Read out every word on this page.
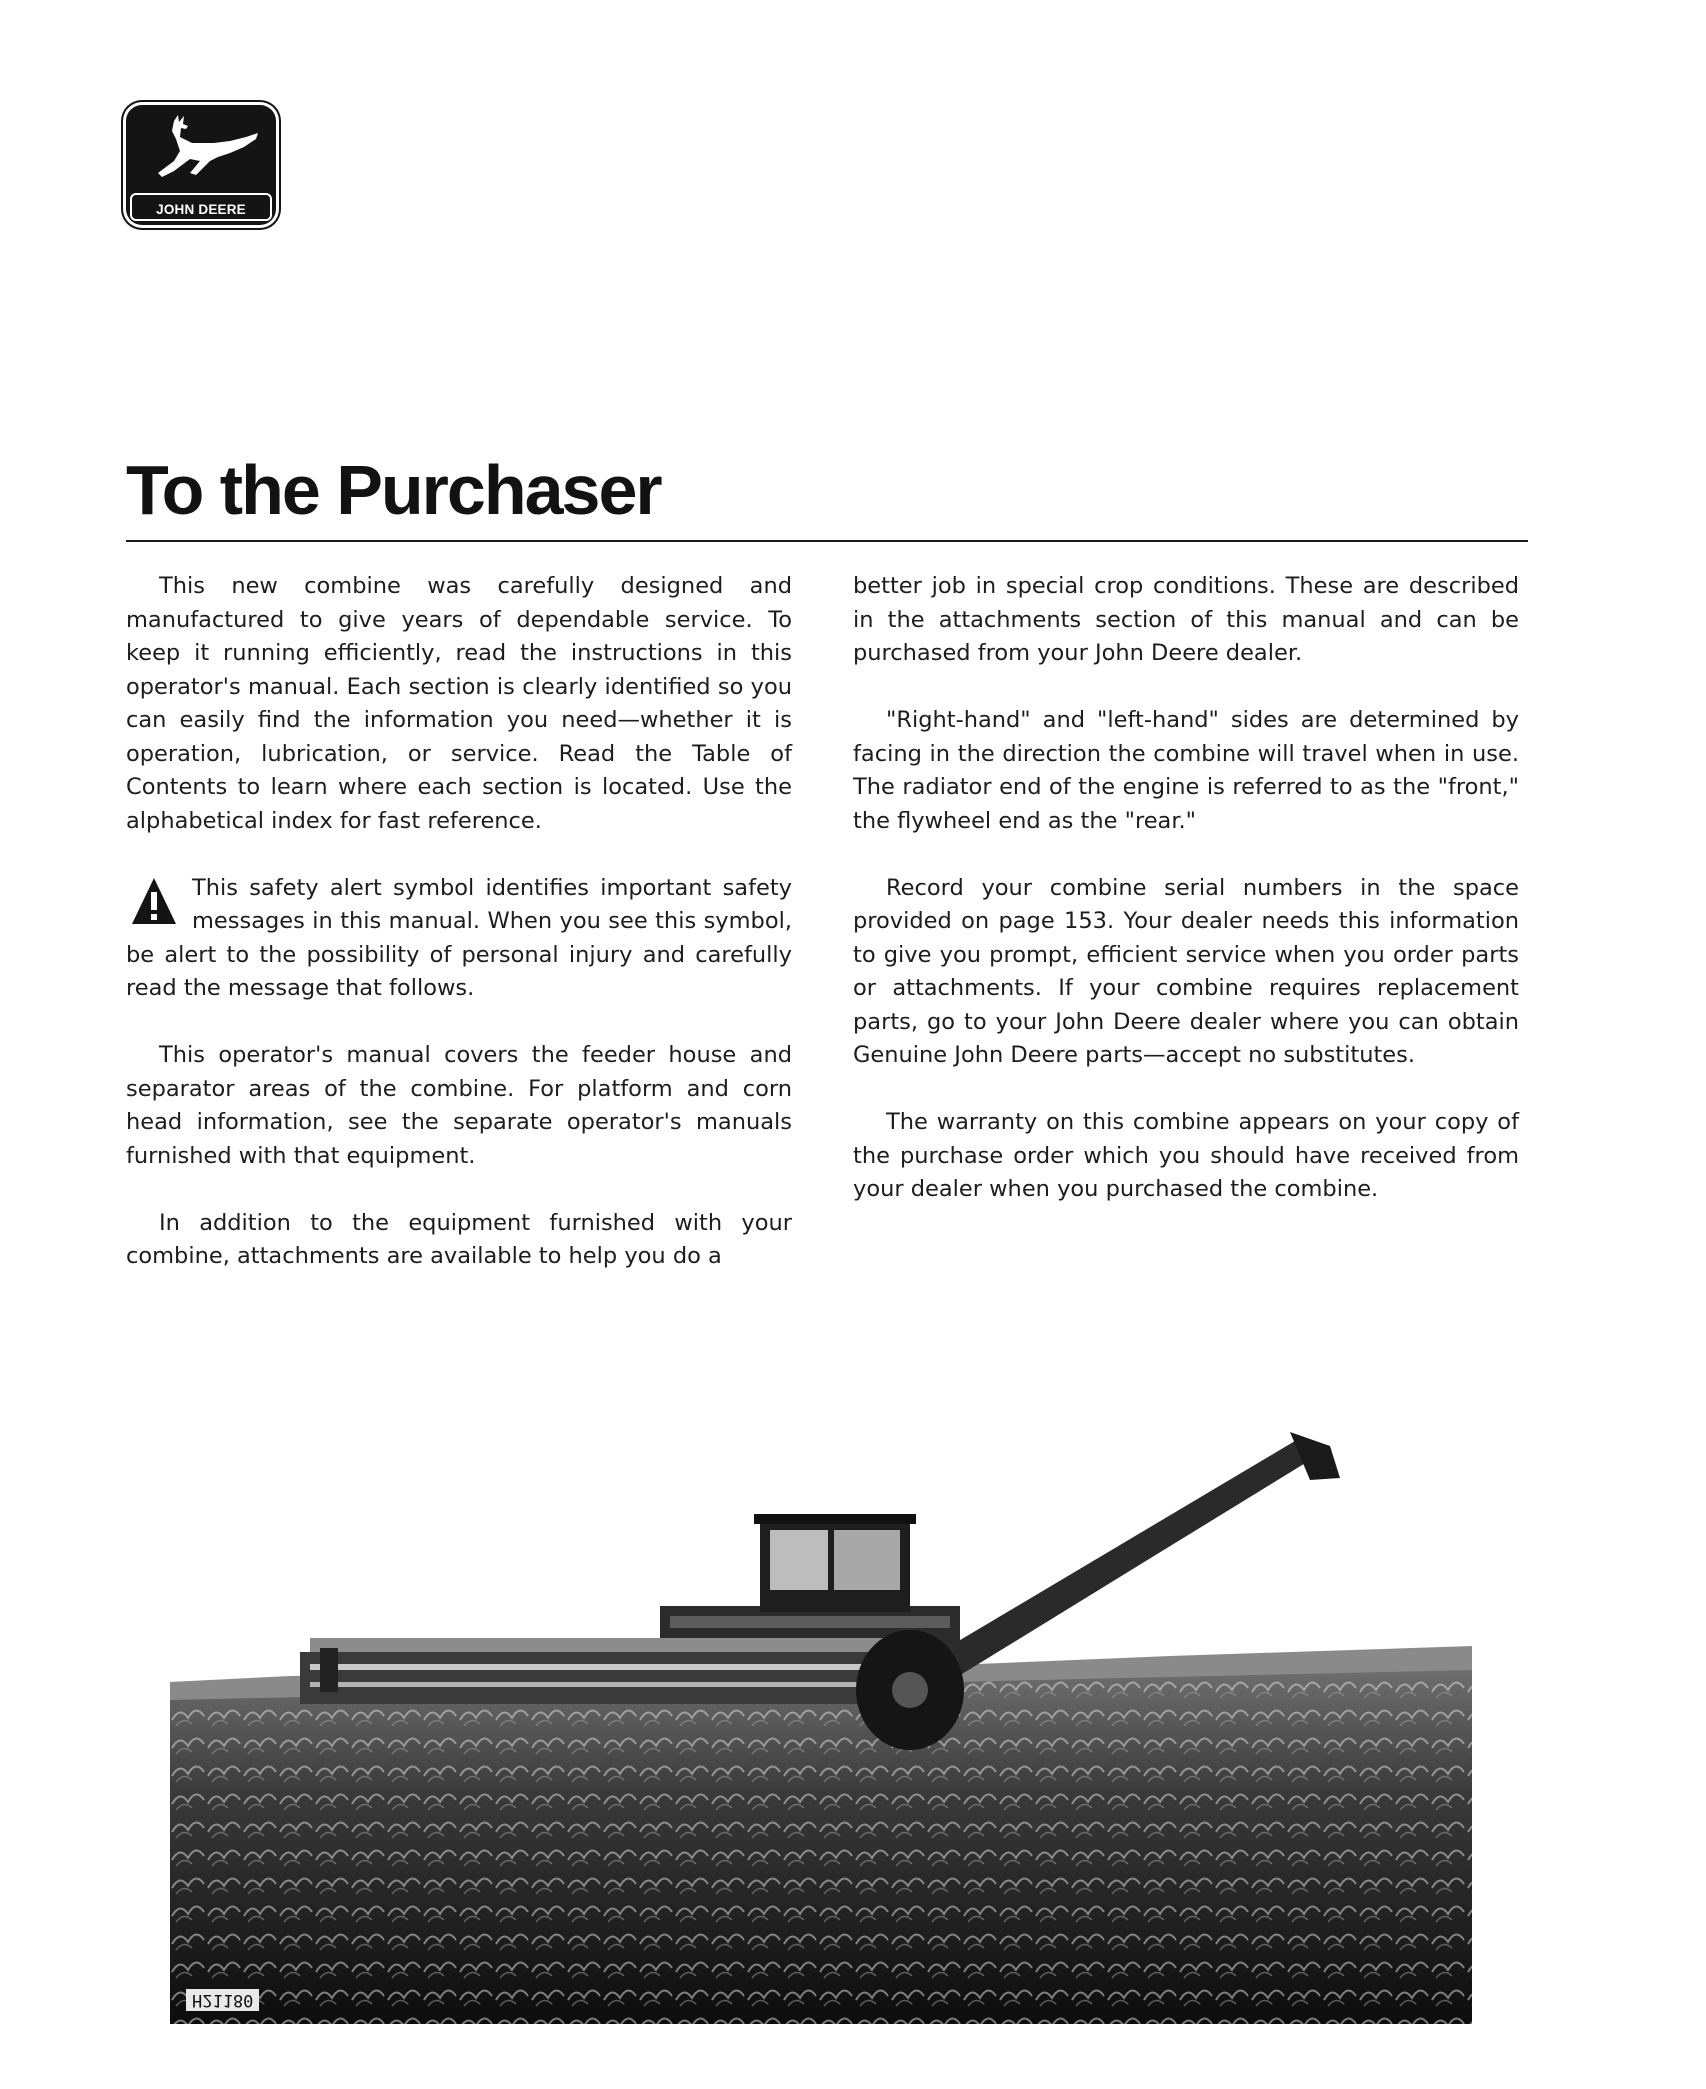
JOHN DEERE
To the Purchaser

This new combine was carefully designed and manufactured to give years of dependable service. To keep it running efficiently, read the instructions in this operator's manual. Each section is clearly identified so you can easily find the information you need—whether it is operation, lubrication, or service. Read the Table of Contents to learn where each section is located. Use the alphabetical index for fast reference.

This safety alert symbol identifies important safety messages in this manual. When you see this symbol, be alert to the possibility of personal injury and carefully read the message that follows.

This operator's manual covers the feeder house and separator areas of the combine. For platform and corn head information, see the separate operator's manuals furnished with that equipment.

In addition to the equipment furnished with your combine, attachments are available to help you do a

better job in special crop conditions. These are described in the attachments section of this manual and can be purchased from your John Deere dealer.

"Right-hand" and "left-hand" sides are determined by facing in the direction the combine will travel when in use. The radiator end of the engine is referred to as the "front," the flywheel end as the "rear."

Record your combine serial numbers in the space provided on page 153. Your dealer needs this information to give you prompt, efficient service when you order parts or attachments. If your combine requires replacement parts, go to your John Deere dealer where you can obtain Genuine John Deere parts—accept no substitutes.

The warranty on this combine appears on your copy of the purchase order which you should have received from your dealer when you purchased the combine.

H21180
